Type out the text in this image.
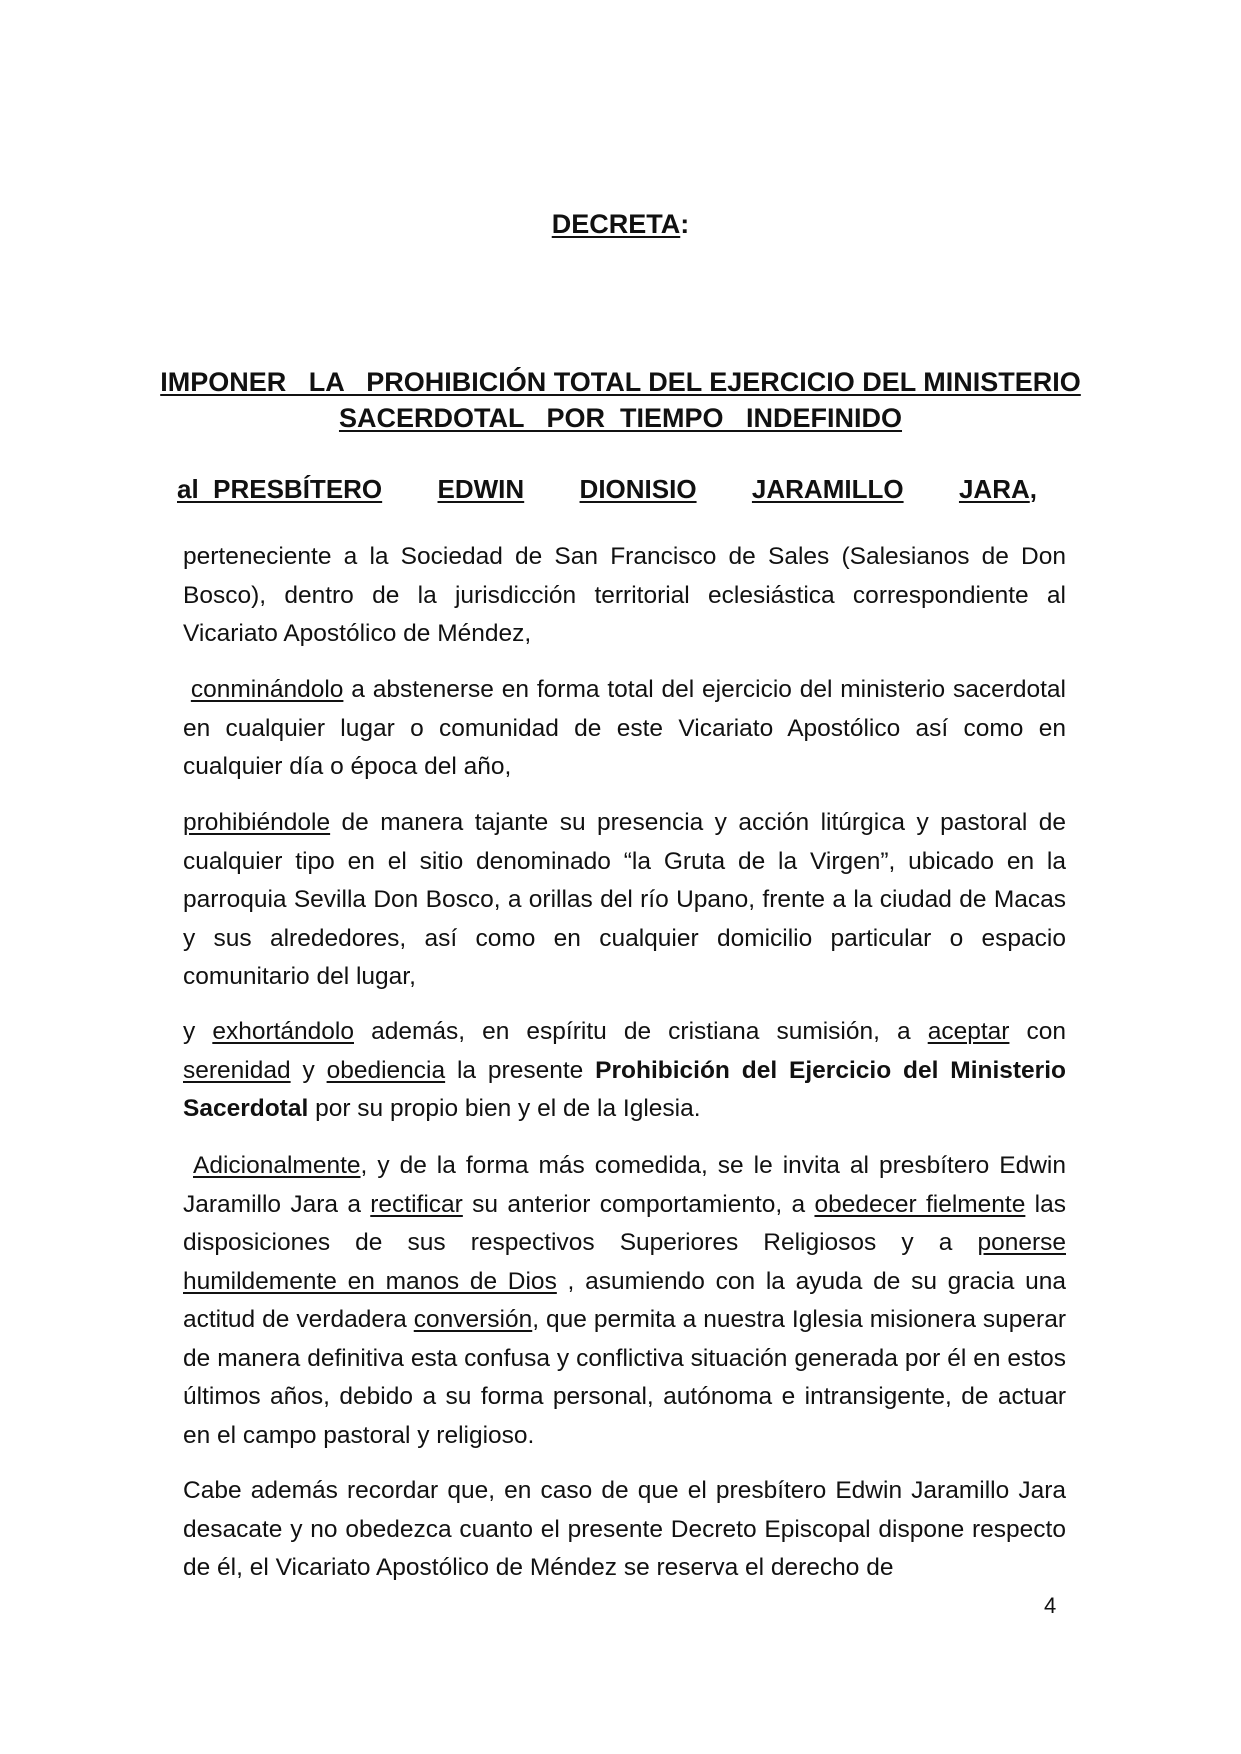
DECRETA:
IMPONER   LA   PROHIBICIÓN TOTAL DEL EJERCICIO DEL MINISTERIO
SACERDOTAL   POR  TIEMPO   INDEFINIDO
al  PRESBÍTERO EDWIN DIONISIO JARAMILLO JARA,

perteneciente a la Sociedad de San Francisco de Sales (Salesianos de Don Bosco), dentro de la jurisdicción territorial eclesiástica correspondiente al Vicariato Apostólico de Méndez,

conminándolo a abstenerse en forma total del ejercicio del ministerio sacerdotal en cualquier lugar o comunidad de este Vicariato Apostólico así como en cualquier día o época del año,

prohibiéndole de manera tajante su presencia y acción litúrgica y pastoral de cualquier tipo en el sitio denominado “la Gruta de la Virgen”, ubicado en la parroquia Sevilla Don Bosco, a orillas del río Upano, frente a la ciudad de Macas y sus alrededores, así como en cualquier domicilio particular o espacio comunitario del lugar,

y exhortándolo además, en espíritu de cristiana sumisión, a aceptar con serenidad y obediencia la presente Prohibición del Ejercicio del Ministerio Sacerdotal por su propio bien y el de la Iglesia.

Adicionalmente, y de la forma más comedida, se le invita al presbítero Edwin Jaramillo Jara a rectificar su anterior comportamiento, a obedecer fielmente las disposiciones de sus respectivos Superiores Religiosos y a ponerse humildemente en manos de Dios , asumiendo con la ayuda de su gracia una actitud de verdadera conversión, que permita a nuestra Iglesia misionera superar de manera definitiva esta confusa y conflictiva situación generada por él en estos últimos años, debido a su forma personal, autónoma e intransigente, de actuar en el campo pastoral y religioso.

Cabe además recordar que, en caso de que el presbítero Edwin Jaramillo Jara desacate y no obedezca cuanto el presente Decreto Episcopal dispone respecto de él, el Vicariato Apostólico de Méndez se reserva el derecho de

4
